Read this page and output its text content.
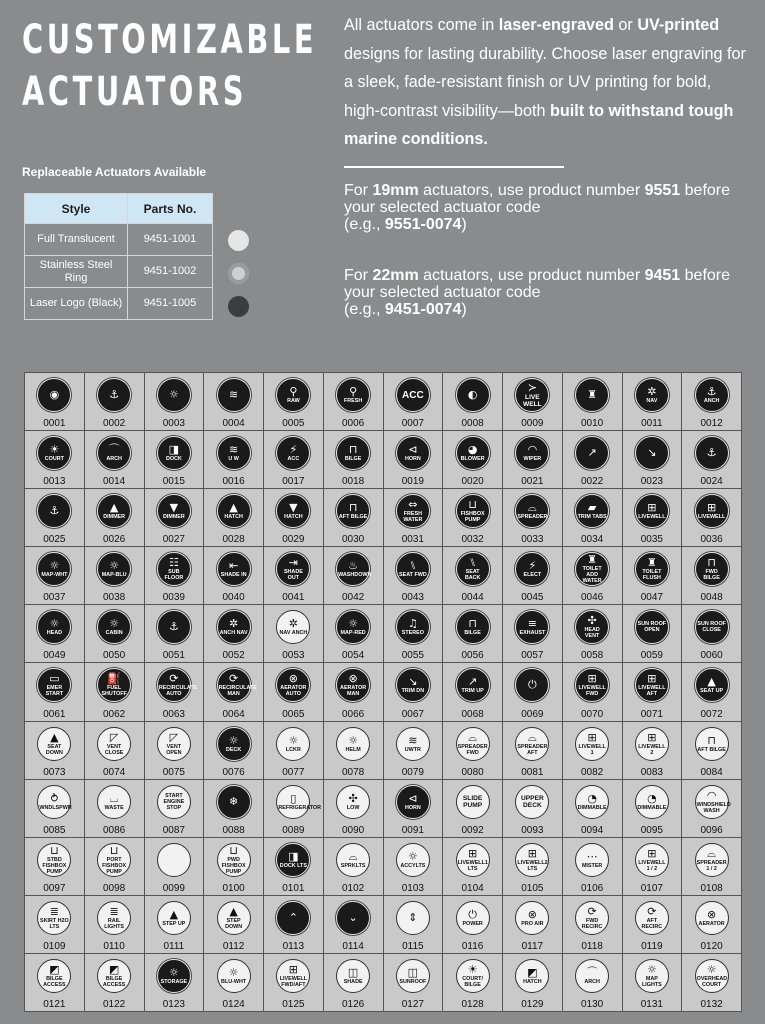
CUSTOMIZABLE
ACTUATORS

All actuators come in laser-engraved or UV-printed designs for lasting durability. Choose laser engraving for a sleek, fade-resistant finish or UV printing for bold, high-contrast visibility—both built to withstand tough marine conditions.

For 19mm actuators, use product number 9551 before your selected actuator code
(e.g., 9551-0074)

For 22mm actuators, use product number 9451 before your selected actuator code
(e.g., 9451-0074)

Replaceable Actuators Available

Style	Parts No.
Full Translucent	9451-1001
Stainless Steel Ring	9451-1002
Laser Logo (Black)	9451-1005
◉
0001
⚓
0002
☼
0003
≋
0004
⚲
RAW
0005
⚲
FRESH
0006
ACC
0007
◐
0008
≻
LIVE WELL
0009
♜
0010
✲
NAV
0011
⚓
ANCH
0012
☀
COURT
0013
⌒
ARCH
0014
◨
DOCK
0015
≋
U W
0016
⚡
ACC
0017
⊓
BILGE
0018
⊲
HORN
0019
◕
BLOWER
0020
◠
WIPER
0021
↗
0022
↘
0023
⚓
0024
⚓
0025
▲
DIMMER
0026
▼
DIMMER
0027
▲
HATCH
0028
▼
HATCH
0029
⊓
AFT BILGE
0030
⇔
FRESH WATER
0031
⊔
FISHBOX PUMP
0032
⌓
SPREADER
0033
▰
TRIM TABS
0034
⊞
LIVEWELL
0035
⊞
LIVEWELL
0036
☼
MAP-WHT
0037
☼
MAP-BLU
0038
☷
SUB FLOOR
0039
⇤
SHADE IN
0040
⇥
SHADE OUT
0041
♨
WASHDOWN
0042
⑊
SEAT FWD
0043
⑊
SEAT BACK
0044
⚡
ELECT
0045
♜
TOILET ADD WATER
0046
♜
TOILET FLUSH
0047
⊓
FWD BILGE
0048
☼
HEAD
0049
☼
CABIN
0050
⚓
0051
✲
ANCH NAV
0052
✲
NAV ANCH
0053
☼
MAP-RED
0054
♫
STEREO
0055
⊓
BILGE
0056
≡
EXHAUST
0057
✣
HEAD VENT
0058
SUN ROOF OPEN
0059
SUN ROOF CLOSE
0060
▭
EMER START
0061
⛽
FUEL SHUTOFF
0062
⟳
RECIRCULATE AUTO
0063
⟳
RECIRCULATE MAN
0064
⊗
AERATOR AUTO
0065
⊗
AERATOR MAN
0066
↘
TRIM DN
0067
↗
TRIM UP
0068
⏻
0069
⊞
LIVEWELL FWD
0070
⊞
LIVEWELL AFT
0071
▲
SEAT UP
0072
▲
SEAT DOWN
0073
◸
VENT CLOSE
0074
◸
VENT OPEN
0075
☼
DECK
0076
☼
LCKR
0077
☼
HELM
0078
≋
UWTR
0079
⌓
SPREADER FWD
0080
⌓
SPREADER AFT
0081
⊞
LIVEWELL 1
0082
⊞
LIVEWELL 2
0083
⊓
AFT BILGE
0084
⥁
WNDLSPWR
0085
⌴
WASTE
0086
START ENGINE STOP
0087
❄
0088
▯
REFRIGERATOR
0089
✣
LOW
0090
⊲
HORN
0091
SLIDE PUMP
0092
UPPER DECK
0093
◔
DIMMABLE
0094
◔
DIMMABLE
0095
◠
WINDSHIELD WASH
0096
⊔
STBD FISHBOX PUMP
0097
⊔
PORT FISHBOX PUMP
0098	0099
⊔
PWD FISHBOX PUMP
0100
◨
DOCK LTS
0101
⌓
SPRKLTS
0102
☼
ACCYLTS
0103
⊞
LIVEWELL1 LTS
0104
⊞
LIVEWELL2 LTS
0105
⋯
MISTER
0106
⊞
LIVEWELL 1 / 2
0107
⌓
SPREADER 1 / 2
0108
≣
SKIRT H2O LTS
0109
≣
RAIL LIGHTS
0110
▲
STEP UP
0111
▲
STEP DOWN
0112
⌃
0113
⌄
0114
⇕
0115
⏻
POWER
0116
⊗
PRO AIR
0117
⟳
FWD RECIRC
0118
⟳
AFT RECIRC
0119
⊗
AERATOR
0120
◩
BILGE ACCESS
0121
◩
BILGE ACCESS
0122
☼
STORAGE
0123
☼
BLU-WHT
0124
⊞
LIVEWELL FWD/AFT
0125
◫
SHADE
0126
◫
SUNROOF
0127
☀
COURT/ BILGE
0128
◩
HATCH
0129
⌒
ARCH
0130
☼
MAP LIGHTS
0131
☼
OVERHEAD COURT
0132
